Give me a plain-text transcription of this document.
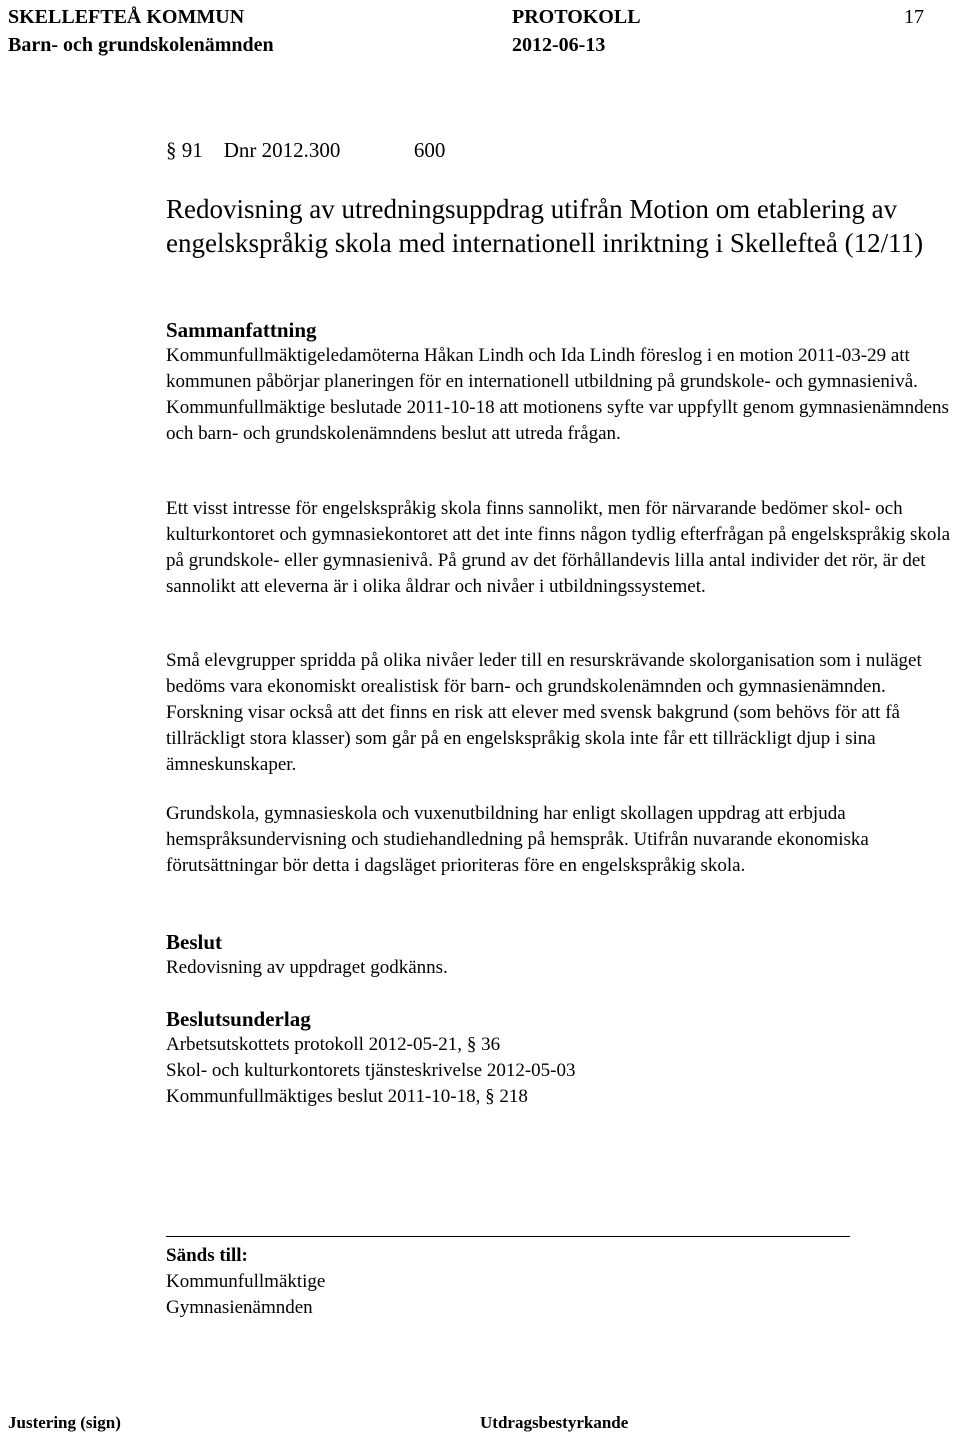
SKELLEFTEÅ KOMMUN
Barn- och grundskolenämnden
PROTOKOLL
2012-06-13
17
§ 91 Dnr 2012.300	600
Redovisning av utredningsuppdrag utifrån Motion om etablering av engelskspråkig skola med internationell inriktning i Skellefteå (12/11)
Sammanfattning

Kommunfullmäktigeledamöterna Håkan Lindh och Ida Lindh föreslog i en motion 2011-03-29 att kommunen påbörjar planeringen för en internationell utbildning på grundskole- och gymnasienivå. Kommunfullmäktige beslutade 2011-10-18 att motionens syfte var uppfyllt genom gymnasienämndens och barn- och grundskolenämndens beslut att utreda frågan.

Ett visst intresse för engelskspråkig skola finns sannolikt, men för närvarande bedömer skol- och kulturkontoret och gymnasiekontoret att det inte finns någon tydlig efterfrågan på engelskspråkig skola på grundskole- eller gymnasienivå. På grund av det förhållandevis lilla antal individer det rör, är det sannolikt att eleverna är i olika åldrar och nivåer i utbildningssystemet.

Små elevgrupper spridda på olika nivåer leder till en resurskrävande skolorganisation som i nuläget bedöms vara ekonomiskt orealistisk för barn- och grundskolenämnden och gymnasienämnden. Forskning visar också att det finns en risk att elever med svensk bakgrund (som behövs för att få tillräckligt stora klasser) som går på en engelskspråkig skola inte får ett tillräckligt djup i sina ämneskunskaper.

Grundskola, gymnasieskola och vuxenutbildning har enligt skollagen uppdrag att erbjuda hemspråksundervisning och studiehandledning på hemspråk. Utifrån nuvarande ekonomiska förutsättningar bör detta i dagsläget prioriteras före en engelskspråkig skola.

Beslut

Redovisning av uppdraget godkänns.

Beslutsunderlag

Arbetsutskottets protokoll 2012-05-21, § 36

Skol- och kulturkontorets tjänsteskrivelse 2012-05-03

Kommunfullmäktiges beslut 2011-10-18, § 218

Sänds till:

Kommunfullmäktige

Gymnasienämnden

Justering (sign)	Utdragsbestyrkande
